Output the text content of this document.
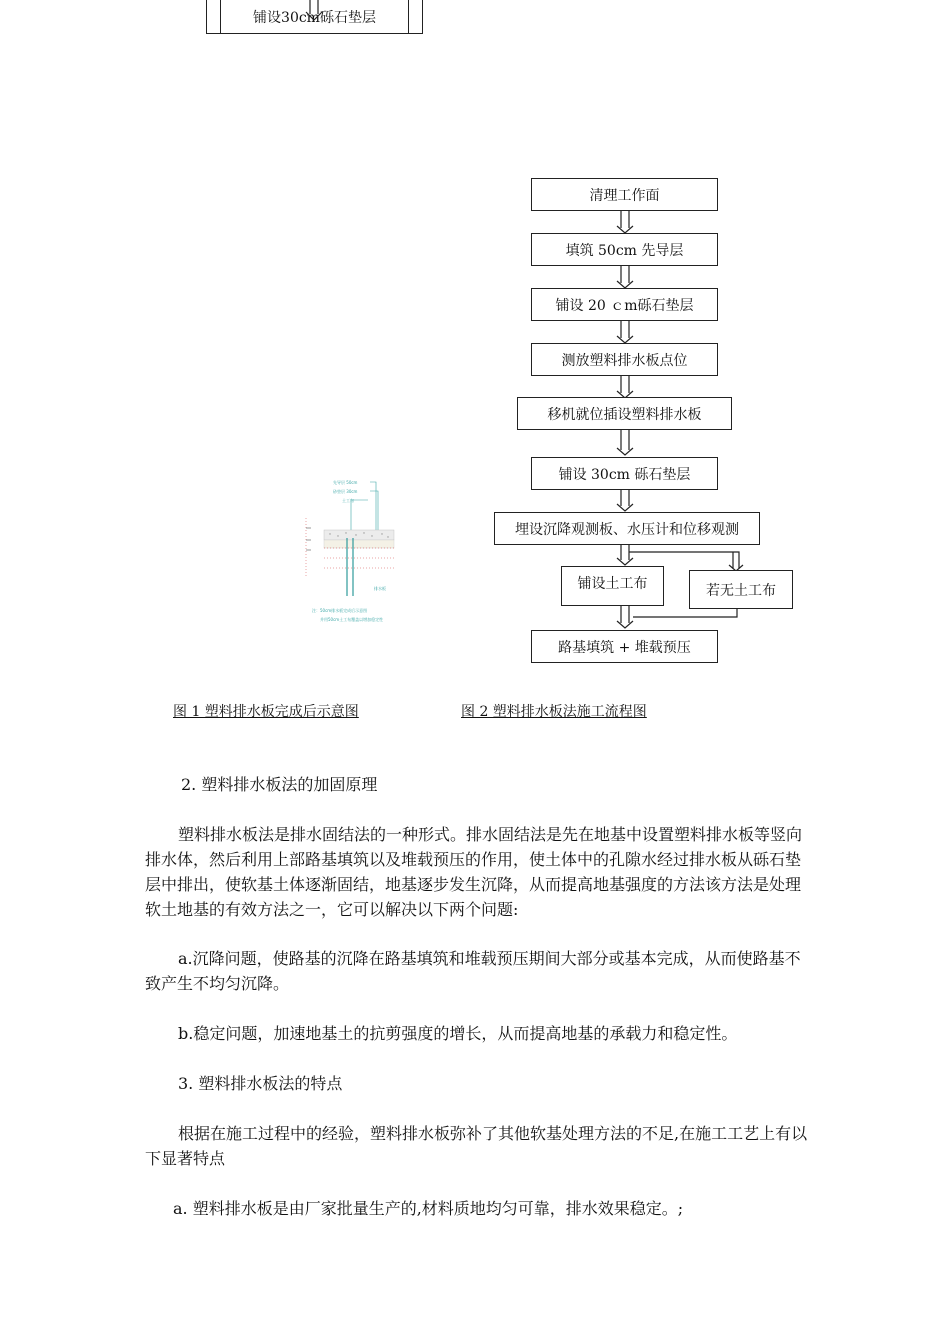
铺设30cm砾石垫层
清理工作面
填筑 50cm 先导层
铺设 20 ｃm砾石垫层
测放塑料排水板点位
移机就位插设塑料排水板
铺设 30cm 砾石垫层
埋设沉降观测板、水压计和位移观测
铺设土工布	若无土工布
路基填筑 + 堆载预压
先导层 50cm
砂垫层 30cm
土工布
排水板
注：50cm排水板完成后示意图
并用50cm土工布覆盖以增加稳定性
图 1 塑料排水板完成后示意图	图 2 塑料排水板法施工流程图
2. 塑料排水板法的加固原理
塑料排水板法是排水固结法的一种形式。排水固结法是先在地基中设置塑料排水板等竖向排水体，然后利用上部路基填筑以及堆载预压的作用，使土体中的孔隙水经过排水板从砾石垫层中排出，使软基土体逐渐固结，地基逐步发生沉降，从而提高地基强度的方法该方法是处理软土地基的有效方法之一，它可以解决以下两个问题:
a.沉降问题，使路基的沉降在路基填筑和堆载预压期间大部分或基本完成，从而使路基不致产生不均匀沉降。
b.稳定问题，加速地基土的抗剪强度的增长，从而提高地基的承载力和稳定性。
3. 塑料排水板法的特点
根据在施工过程中的经验，塑料排水板弥补了其他软基处理方法的不足,在施工工艺上有以下显著特点
a. 塑料排水板是由厂家批量生产的,材料质地均匀可靠，排水效果稳定。;
